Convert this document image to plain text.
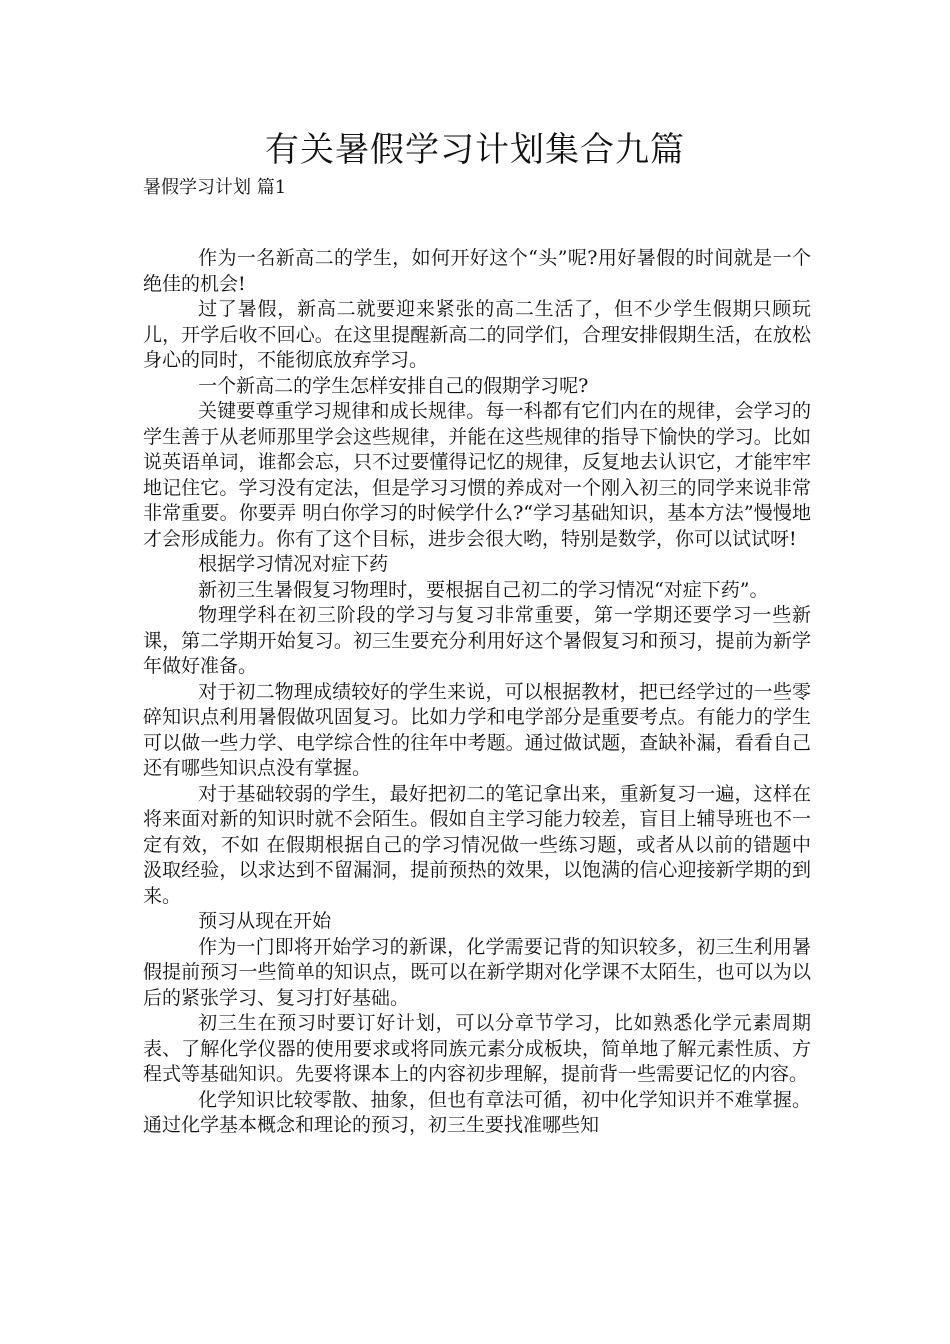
有关暑假学习计划集合九篇
暑假学习计划 篇1

作为一名新高二的学生，如何开好这个“头”呢?用好暑假的时间就是一个绝佳的机会!

过了暑假，新高二就要迎来紧张的高二生活了，但不少学生假期只顾玩儿，开学后收不回心。在这里提醒新高二的同学们，合理安排假期生活，在放松身心的同时，不能彻底放弃学习。

一个新高二的学生怎样安排自己的假期学习呢?

关键要尊重学习规律和成长规律。每一科都有它们内在的规律，会学习的学生善于从老师那里学会这些规律，并能在这些规律的指导下愉快的学习。比如说英语单词，谁都会忘，只不过要懂得记忆的规律，反复地去认识它，才能牢牢地记住它。学习没有定法，但是学习习惯的养成对一个刚入初三的同学来说非常非常重要。你要弄 明白你学习的时候学什么?“学习基础知识，基本方法”慢慢地才会形成能力。你有了这个目标，进步会很大哟，特别是数学，你可以试试呀!

根据学习情况对症下药

新初三生暑假复习物理时，要根据自己初二的学习情况“对症下药”。

物理学科在初三阶段的学习与复习非常重要，第一学期还要学习一些新课，第二学期开始复习。初三生要充分利用好这个暑假复习和预习，提前为新学年做好准备。

对于初二物理成绩较好的学生来说，可以根据教材，把已经学过的一些零碎知识点利用暑假做巩固复习。比如力学和电学部分是重要考点。有能力的学生可以做一些力学、电学综合性的往年中考题。通过做试题，查缺补漏，看看自己还有哪些知识点没有掌握。

对于基础较弱的学生，最好把初二的笔记拿出来，重新复习一遍，这样在将来面对新的知识时就不会陌生。假如自主学习能力较差，盲目上辅导班也不一定有效，不如 在假期根据自己的学习情况做一些练习题，或者从以前的错题中汲取经验，以求达到不留漏洞，提前预热的效果，以饱满的信心迎接新学期的到来。

预习从现在开始

作为一门即将开始学习的新课，化学需要记背的知识较多，初三生利用暑假提前预习一些简单的知识点，既可以在新学期对化学课不太陌生，也可以为以后的紧张学习、复习打好基础。

初三生在预习时要订好计划，可以分章节学习，比如熟悉化学元素周期表、了解化学仪器的使用要求或将同族元素分成板块，简单地了解元素性质、方程式等基础知识。先要将课本上的内容初步理解，提前背一些需要记忆的内容。

化学知识比较零散、抽象，但也有章法可循，初中化学知识并不难掌握。通过化学基本概念和理论的预习，初三生要找准哪些知
